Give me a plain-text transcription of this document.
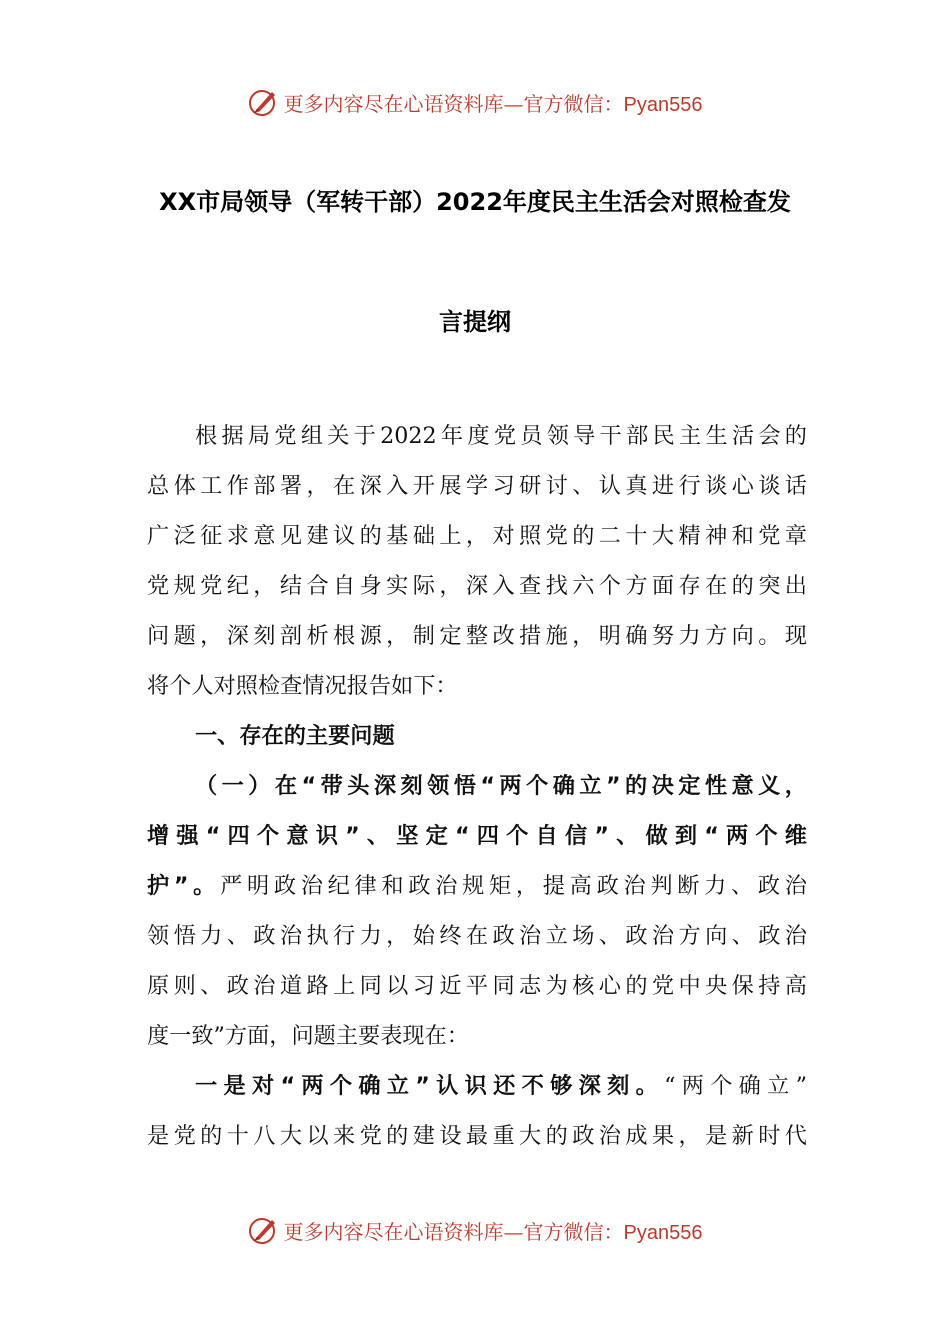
更多内容尽在心语资料库—官方微信：Pyan556
XX市局领导（军转干部）2022年度民主生活会对照检查发
言提纲
根据局党组关于2022年度党员领导干部民主生活会的
总体工作部署，在深入开展学习研讨、认真进行谈心谈话
广泛征求意见建议的基础上，对照党的二十大精神和党章
党规党纪，结合自身实际，深入查找六个方面存在的突出
问题，深刻剖析根源，制定整改措施，明确努力方向。现
将个人对照检查情况报告如下：
一、存在的主要问题
（一）在“带头深刻领悟“两个确立”的决定性意义，
增强“四个意识”、坚定“四个自信”、做到“两个维
护”。严明政治纪律和政治规矩，提高政治判断力、政治
领悟力、政治执行力，始终在政治立场、政治方向、政治
原则、政治道路上同以习近平同志为核心的党中央保持高
度一致”方面，问题主要表现在：
一是对“两个确立”认识还不够深刻。“两个确立”
是党的十八大以来党的建设最重大的政治成果，是新时代
更多内容尽在心语资料库—官方微信：Pyan556
